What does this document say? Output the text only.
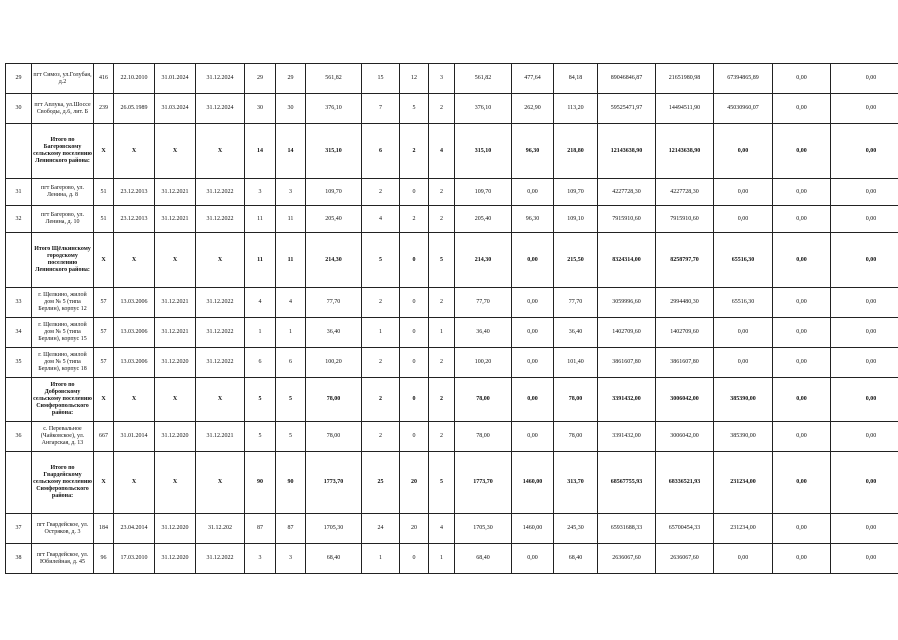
29	пгт Симоз, ул.Голубая, д.2	416	22.10.2010	31.01.2024	31.12.2024	29	29	561,82	15	12	3	561,82	477,64	84,18	89046846,87	21651980,98	67394865,89	0,00	0,00
30	пгт Аплука, ул.Шоссе Свободы, д.6, лит. Б	239	26.05.1989	31.03.2024	31.12.2024	30	30	376,10	7	5	2	376,10	262,90	113,20	59525471,97	14494511,90	45030960,07	0,00	0,00
	Итого по Багеровскому сельскому поселению Ленинского района:	X	X	X	X	14	14	315,10	6	2	4	315,10	96,30	218,80	12143638,90	12143638,90	0,00	0,00	0,00
31	пгт Багерово, ул. Ленина, д. 8	51	23.12.2013	31.12.2021	31.12.2022	3	3	109,70	2	0	2	109,70	0,00	109,70	4227728,30	4227728,30	0,00	0,00	0,00
32	пгт Багерово, ул. Ленина, д. 10	51	23.12.2013	31.12.2021	31.12.2022	11	11	205,40	4	2	2	205,40	96,30	109,10	7915910,60	7915910,60	0,00	0,00	0,00
	Итого Щёлкинскому городскому поселению Ленинского района:	X	X	X	X	11	11	214,30	5	0	5	214,30	0,00	215,50	8324314,00	8258797,70	65516,30	0,00	0,00
33	г. Щелкино, жилой дом № 5 (типа Берлин), корпус 12	57	13.03.2006	31.12.2021	31.12.2022	4	4	77,70	2	0	2	77,70	0,00	77,70	3059996,60	2994480,30	65516,30	0,00	0,00
34	г. Щелкино, жилой дом № 5 (типа Берлин), корпус 15	57	13.03.2006	31.12.2021	31.12.2022	1	1	36,40	1	0	1	36,40	0,00	36,40	1402709,60	1402709,60	0,00	0,00	0,00
35	г. Щелкино, жилой дом № 5 (типа Берлин), корпус 18	57	13.03.2006	31.12.2020	31.12.2022	6	6	100,20	2	0	2	100,20	0,00	101,40	3861607,80	3861607,80	0,00	0,00	0,00
	Итого по Добровскому сельскому поселению Симферопольского района:	X	X	X	X	5	5	78,00	2	0	2	78,00	0,00	78,00	3391432,00	3006042,00	385390,00	0,00	0,00
36	с. Перевальное (Чайковское), ул. Ангарская, д. 13	667	31.01.2014	31.12.2020	31.12.2021	5	5	78,00	2	0	2	78,00	0,00	78,00	3391432,00	3006042,00	385390,00	0,00	0,00
	Итого по Гвардейскому сельскому поселению Симферопольского района:	X	X	X	X	90	90	1773,70	25	20	5	1773,70	1460,00	313,70	68567755,93	68336521,93	231234,00	0,00	0,00
37	пгт Гвардейское, ул. Остряков, д. 3	184	23.04.2014	31.12.2020	31.12.202	87	87	1705,30	24	20	4	1705,30	1460,00	245,30	65931688,33	65700454,33	231234,00	0,00	0,00
38	пгт Гвардейское, ул. Юбилейная, д. 45	96	17.03.2010	31.12.2020	31.12.2022	3	3	68,40	1	0	1	68,40	0,00	68,40	2636067,60	2636067,60	0,00	0,00	0,00
